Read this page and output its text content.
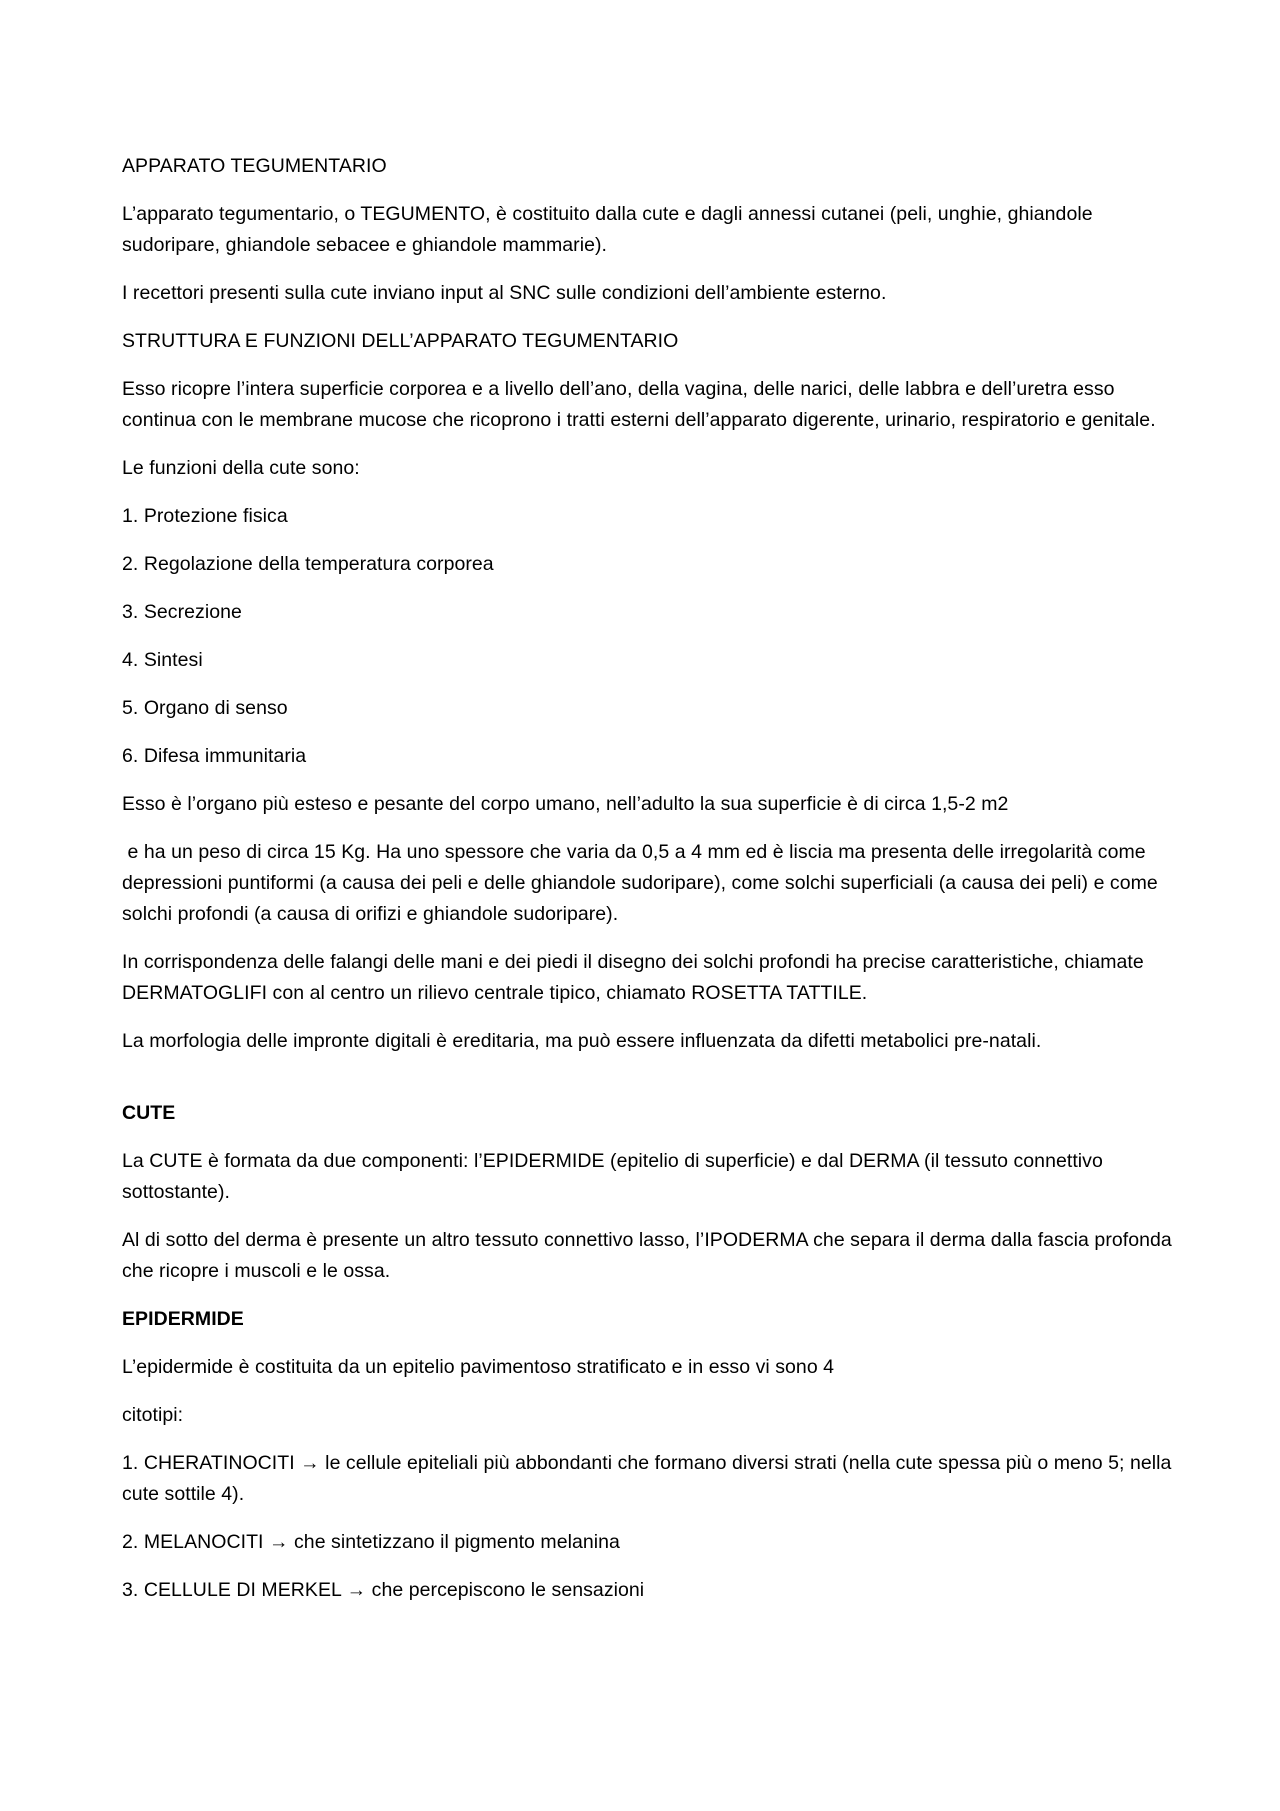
APPARATO TEGUMENTARIO

L’apparato tegumentario, o TEGUMENTO, è costituito dalla cute e dagli annessi cutanei (peli, unghie, ghiandole sudoripare, ghiandole sebacee e ghiandole mammarie).

I recettori presenti sulla cute inviano input al SNC sulle condizioni dell’ambiente esterno.

STRUTTURA E FUNZIONI DELL’APPARATO TEGUMENTARIO

Esso ricopre l’intera superficie corporea e a livello dell’ano, della vagina, delle narici, delle labbra e dell’uretra esso continua con le membrane mucose che ricoprono i tratti esterni dell’apparato digerente, urinario, respiratorio e genitale.

Le funzioni della cute sono:

1. Protezione fisica

2. Regolazione della temperatura corporea

3. Secrezione

4. Sintesi

5. Organo di senso

6. Difesa immunitaria

Esso è l’organo più esteso e pesante del corpo umano, nell’adulto la sua superficie è di circa 1,5-2 m2

e ha un peso di circa 15 Kg. Ha uno spessore che varia da 0,5 a 4 mm ed è liscia ma presenta delle irregolarità come depressioni puntiformi (a causa dei peli e delle ghiandole sudoripare), come solchi superficiali (a causa dei peli) e come solchi profondi (a causa di orifizi e ghiandole sudoripare).

In corrispondenza delle falangi delle mani e dei piedi il disegno dei solchi profondi ha precise caratteristiche, chiamate DERMATOGLIFI con al centro un rilievo centrale tipico, chiamato ROSETTA TATTILE.

La morfologia delle impronte digitali è ereditaria, ma può essere influenzata da difetti metabolici pre-natali.

CUTE

La CUTE è formata da due componenti: l’EPIDERMIDE (epitelio di superficie) e dal DERMA (il tessuto connettivo sottostante).

Al di sotto del derma è presente un altro tessuto connettivo lasso, l’IPODERMA che separa il derma dalla fascia profonda che ricopre i muscoli e le ossa.

EPIDERMIDE

L’epidermide è costituita da un epitelio pavimentoso stratificato e in esso vi sono 4

citotipi:

1. CHERATINOCITI → le cellule epiteliali più abbondanti che formano diversi strati (nella cute spessa più o meno 5; nella cute sottile 4).

2. MELANOCITI → che sintetizzano il pigmento melanina

3. CELLULE DI MERKEL → che percepiscono le sensazioni
